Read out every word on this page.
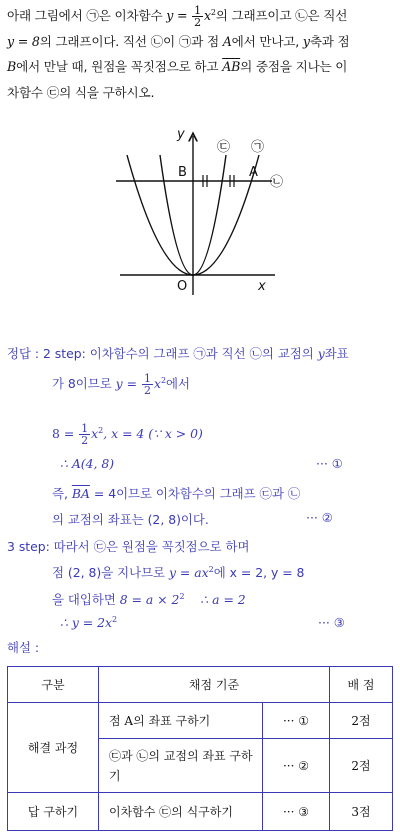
아래 그림에서 ㉠은 이차함수 $y = \frac{1}{2} x^2$의 그래프이고 ㉡은 직선

y = 8의 그래프이다. 직선 ㉡이 ㉠과 점 A에서 만나고, y축과 점

B에서 만날 때, 원점을 꼭짓점으로 하고 $\overline{AB}$의 중점을 지나는 이

차함수 ㉢의 식을 구하시오.

y
x
O
B	A
㉢ ㉠
㉡
정답 : 2 step: 이차함수의 그래프 ㉠과 직선 ㉡의 교점의 y좌표
가 8이므로 $y = \frac{1}{2} x^2$에서
$8 = \frac{1}{2} x^2$, x = 4 (∵ x > 0)
∴ A(4, 8)	··· ①
즉, $\overline{BA} = 4$이므로 이차함수의 그래프 ㉢과 ㉡
의 교점의 좌표는 (2, 8)이다.	··· ②
3 step: 따라서 ㉢은 원점을 꼭짓점으로 하며
점 (2, 8)을 지나므로 $y = ax^2$에 x = 2, y = 8
을 대입하면 $8 = a \times 2^2$ ∴ a = 2
∴ $y = 2x^2$	··· ③
해설 :
구분	채점 기준		배 점
해결 과정	점 A의 좌표 구하기	··· ①	2점
	㉢과 ㉡의 교점의 좌표 구하기	··· ②	2점
답 구하기	이차함수 ㉢의 식구하기	··· ③	3점
